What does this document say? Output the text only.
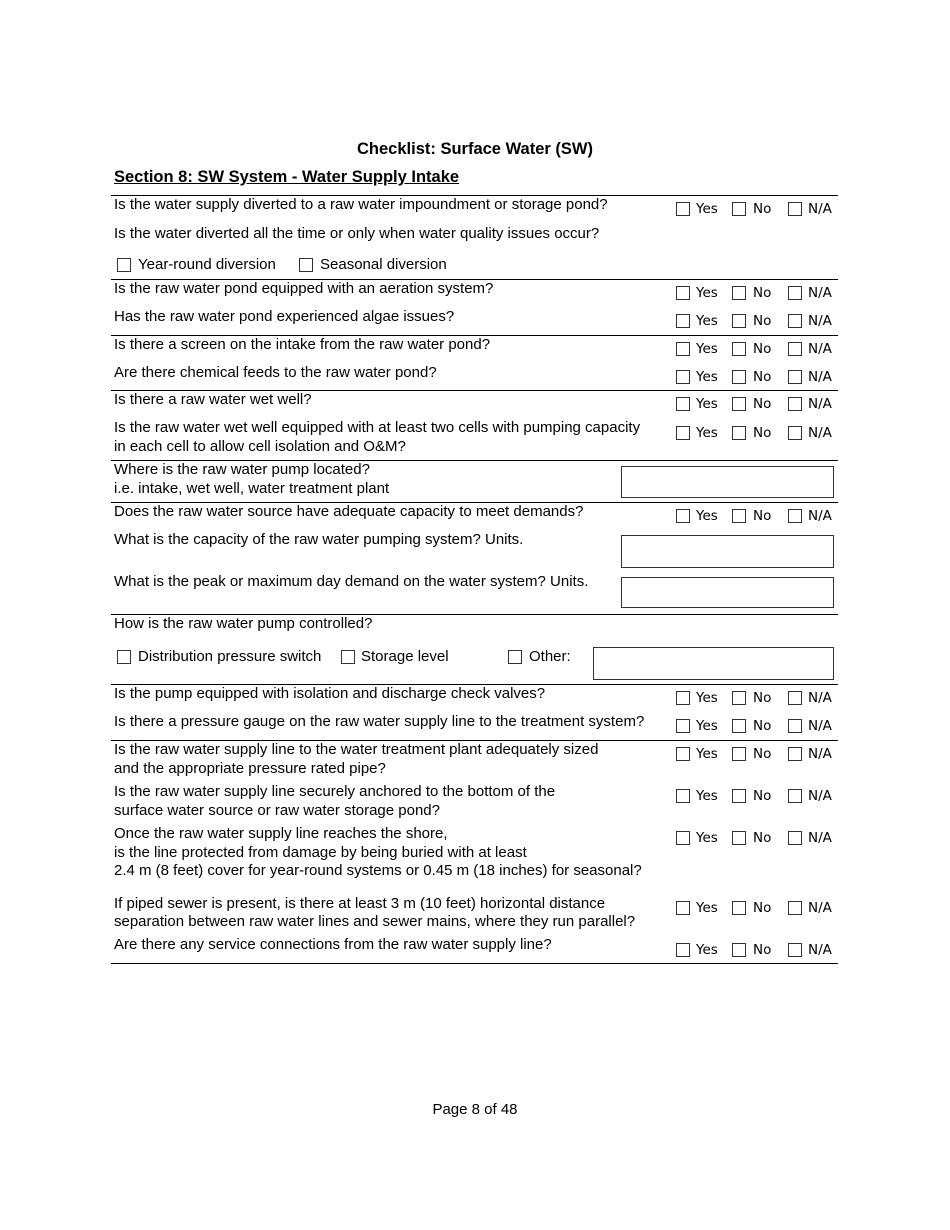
Checklist: Surface Water (SW)
Section 8: SW System - Water Supply Intake
Is the water supply diverted to a raw water impoundment or storage pond?	Yes	No	N/A
Is the water diverted all the time or only when water quality issues occur?
Year-round diversion	Seasonal diversion
Is the raw water pond equipped with an aeration system?	Yes	No	N/A
Has the raw water pond experienced algae issues?	Yes	No	N/A
Is there a screen on the intake from the raw water pond?	Yes	No	N/A
Are there chemical feeds to the raw water pond?	Yes	No	N/A
Is there a raw water wet well?	Yes	No	N/A
Is the raw water wet well equipped with at least two cells with pumping capacity
in each cell to allow cell isolation and O&M?
Yes	No	N/A
Where is the raw water pump located?
i.e. intake, wet well, water treatment plant
Does the raw water source have adequate capacity to meet demands?	Yes	No	N/A
What is the capacity of the raw water pumping system? Units.
What is the peak or maximum day demand on the water system? Units.
How is the raw water pump controlled?
Distribution pressure switch	Storage level	Other:
Is the pump equipped with isolation and discharge check valves?	Yes	No	N/A
Is there a pressure gauge on the raw water supply line to the treatment system?	Yes	No	N/A
Is the raw water supply line to the water treatment plant adequately sized
and the appropriate pressure rated pipe?
Yes	No	N/A
Is the raw water supply line securely anchored to the bottom of the
surface water source or raw water storage pond?
Yes	No	N/A
Once the raw water supply line reaches the shore,
is the line protected from damage by being buried with at least
2.4 m (8 feet) cover for year-round systems or 0.45 m (18 inches) for seasonal?
Yes	No	N/A
If piped sewer is present, is there at least 3 m (10 feet) horizontal distance
separation between raw water lines and sewer mains, where they run parallel?
Yes	No	N/A
Are there any service connections from the raw water supply line?	Yes	No	N/A
Page 8 of 48
